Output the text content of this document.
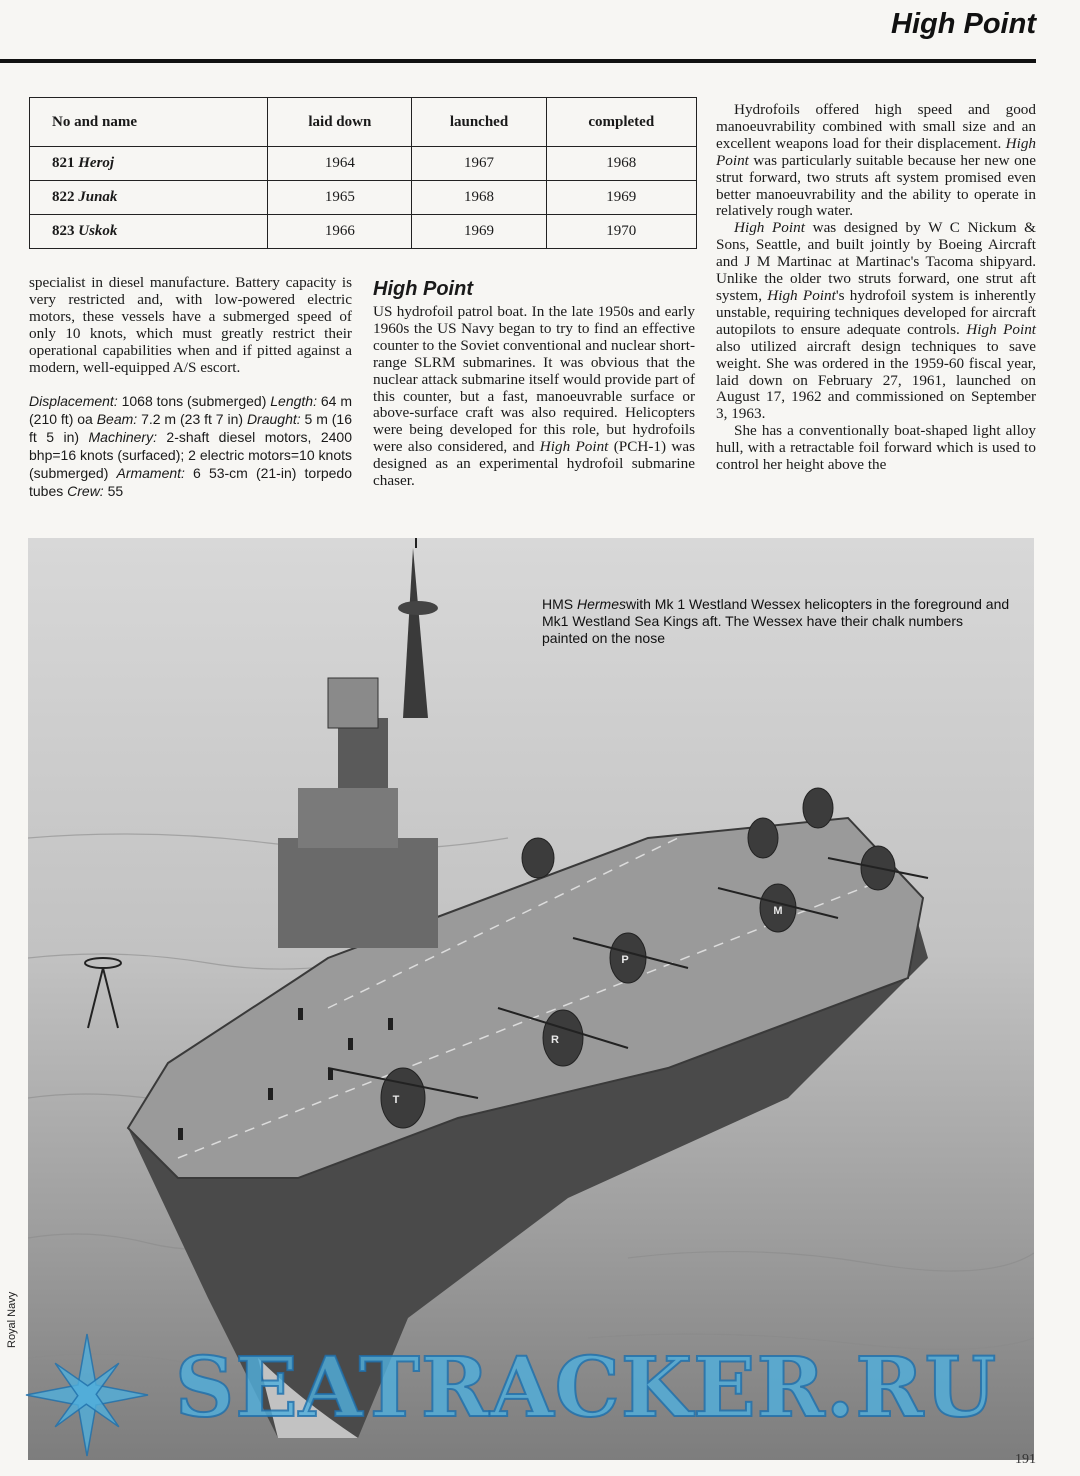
High Point
No and name	laid down	launched	completed
821 Heroj	1964	1967	1968
822 Junak	1965	1968	1969
823 Uskok	1966	1969	1970

specialist in diesel manufacture. Battery capacity is very restricted and, with low-powered electric motors, these vessels have a submerged speed of only 10 knots, which must greatly restrict their operational capabilities when and if pitted against a modern, well-equipped A/S escort.

Displacement: 1068 tons (submerged) Length: 64 m (210 ft) oa Beam: 7.2 m (23 ft 7 in) Draught: 5 m (16 ft 5 in) Machinery: 2-shaft diesel motors, 2400 bhp=16 knots (surfaced); 2 electric motors=10 knots (submerged) Armament: 6 53-cm (21-in) torpedo tubes Crew: 55

High Point

US hydrofoil patrol boat. In the late 1950s and early 1960s the US Navy began to try to find an effective counter to the Soviet conventional and nuclear short-range SLRM submarines. It was obvious that the nuclear attack submarine itself would provide part of this counter, but a fast, manoeuvrable surface or above-surface craft was also required. Helicopters were being developed for this role, but hydrofoils were also considered, and High Point (PCH-1) was designed as an experimental hydrofoil submarine chaser.

Hydrofoils offered high speed and good manoeuvrability combined with small size and an excellent weapons load for their displacement. High Point was particularly suitable because her new one strut forward, two struts aft system promised even better manoeuvrability and the ability to operate in relatively rough water.

High Point was designed by W C Nickum & Sons, Seattle, and built jointly by Boeing Aircraft and J M Martinac at Martinac's Tacoma shipyard. Unlike the older two struts forward, one strut aft system, High Point's hydrofoil system is inherently unstable, requiring techniques developed for aircraft autopilots to ensure adequate controls. High Point also utilized aircraft design techniques to save weight. She was ordered in the 1959-60 fiscal year, laid down on February 27, 1961, launched on August 17, 1962 and commissioned on September 3, 1963.

She has a conventionally boat-shaped light alloy hull, with a retractable foil forward which is used to control her height above the

T
R
P
M
HMS Hermeswith Mk 1 Westland Wessex helicopters in the foreground and Mk1 Westland Sea Kings aft. The Wessex have their chalk numbers painted on the nose
Royal Navy
SEATRACKER.RU
191
